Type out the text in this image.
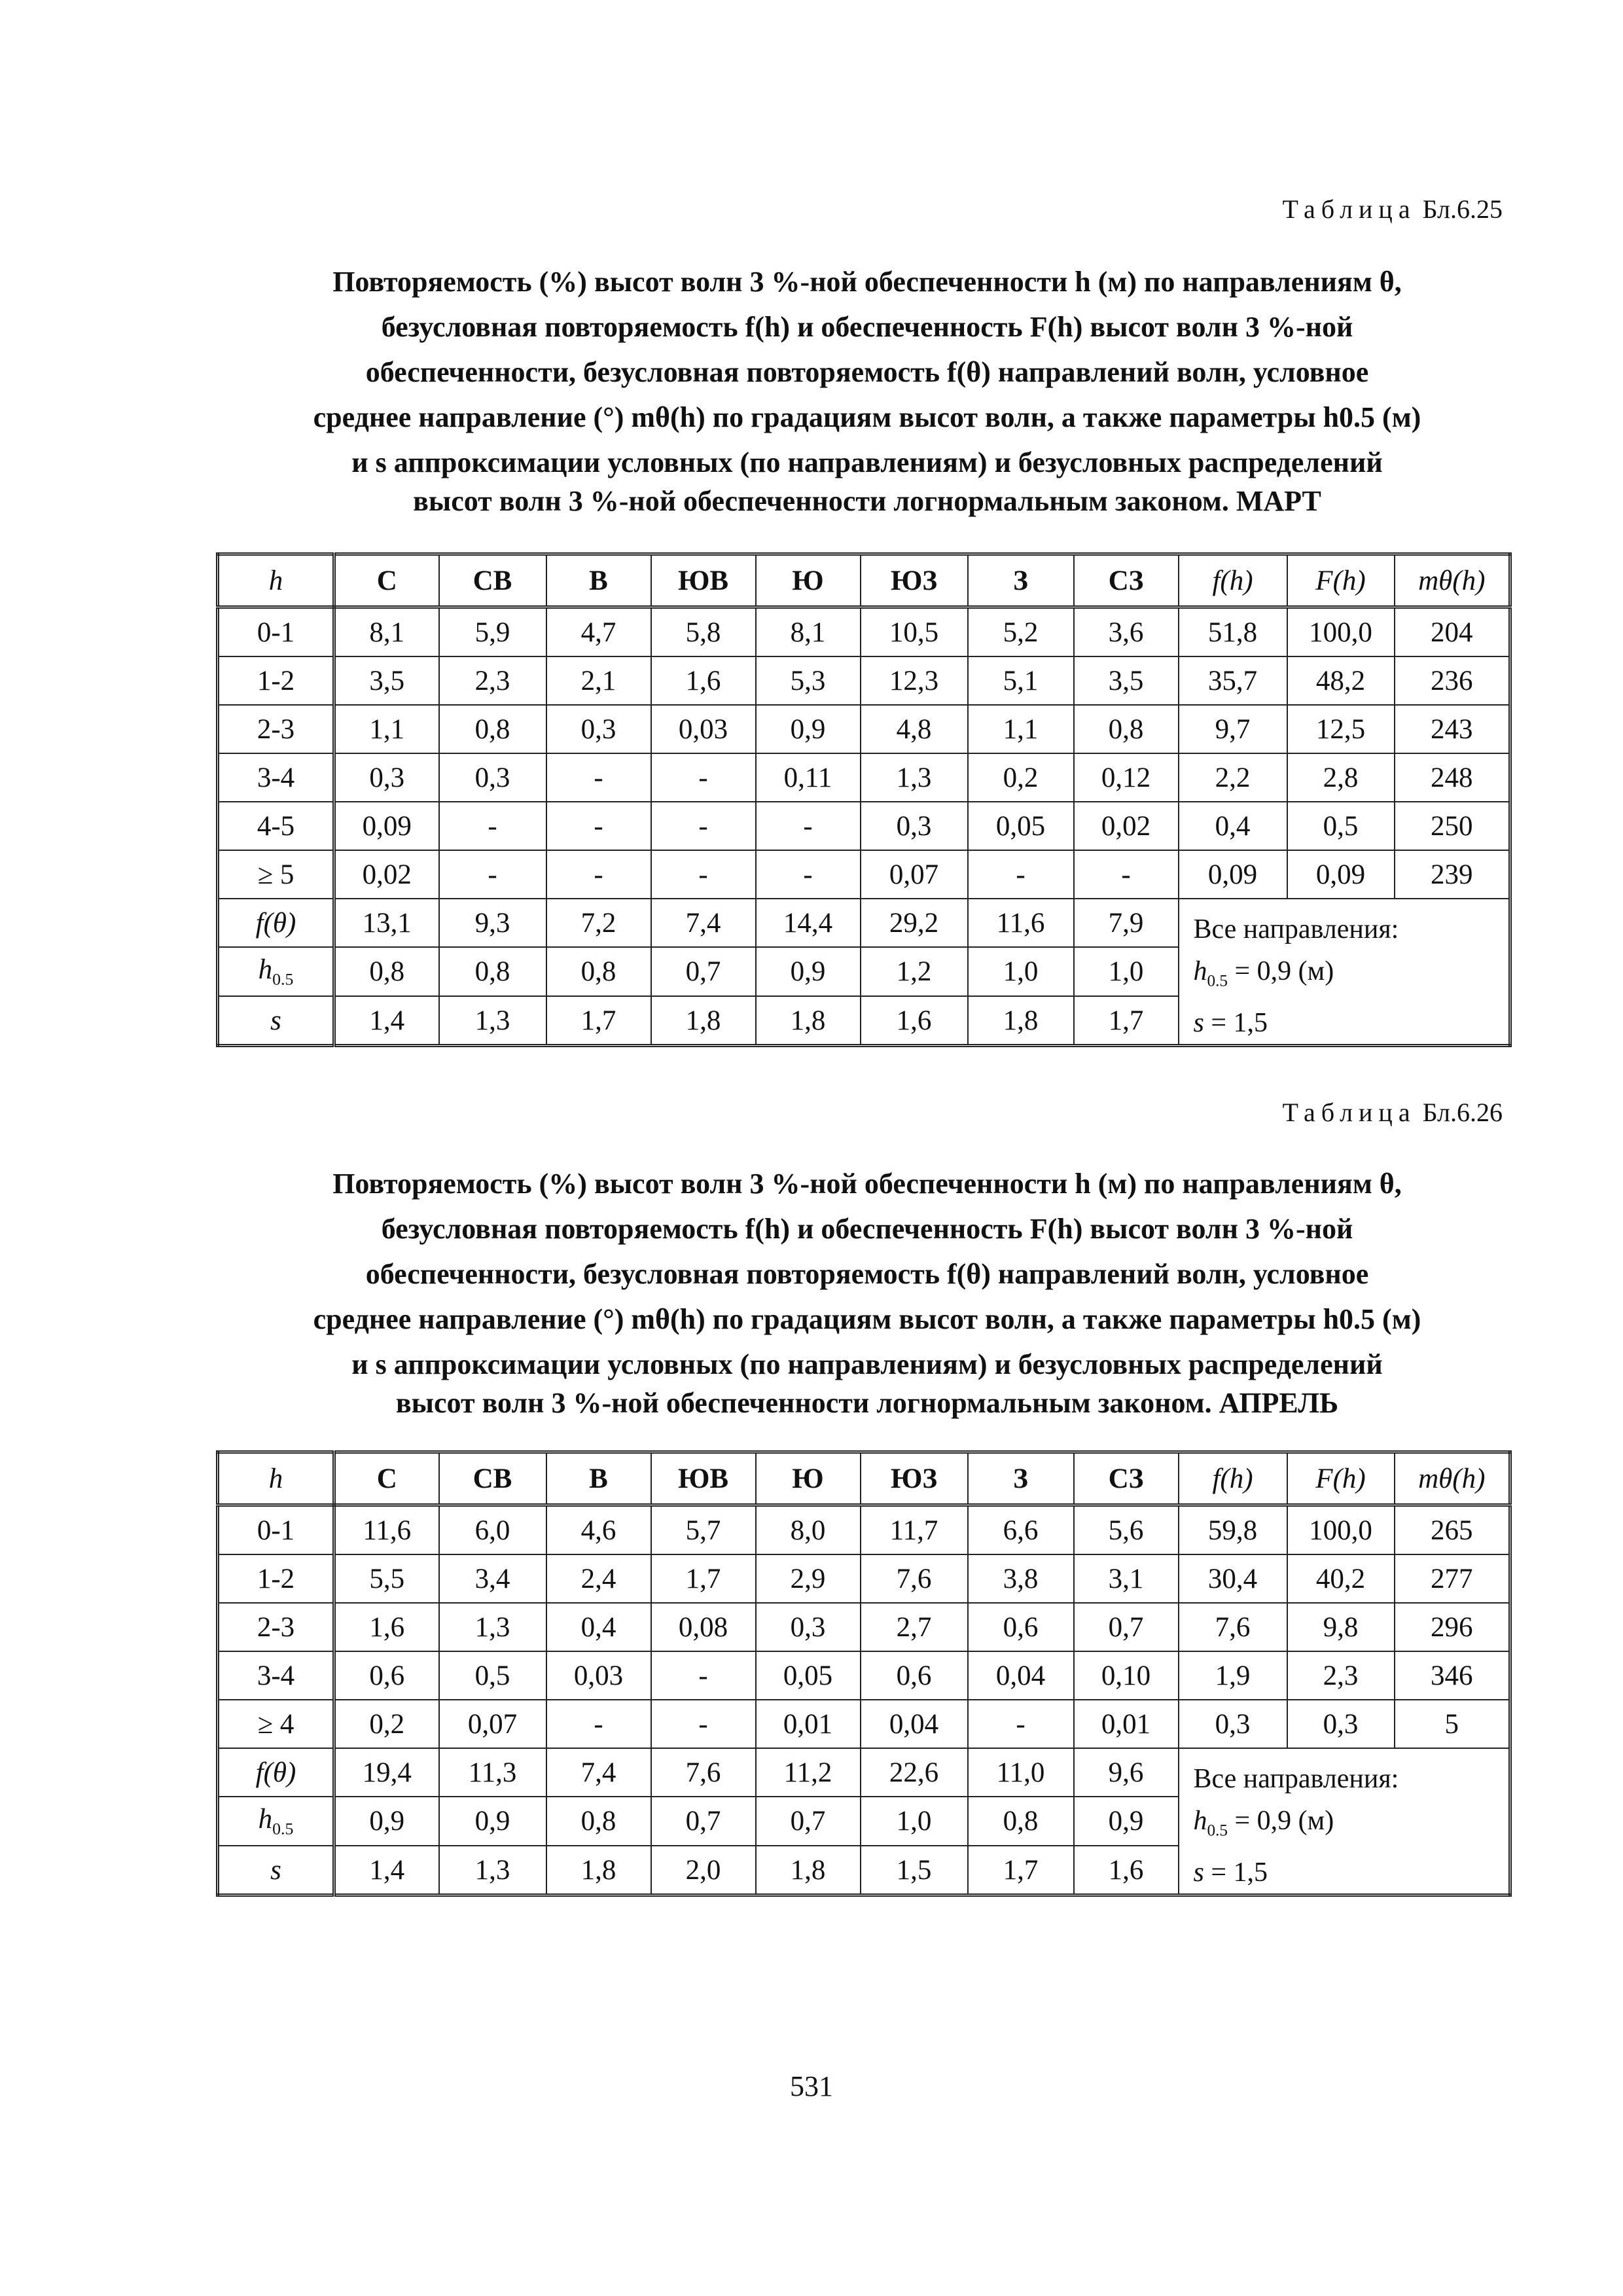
Таблица Бл.6.25
Повторяемость (%) высот волн 3 %-ной обеспеченности h (м) по направлениям θ,
безусловная повторяемость f(h) и обеспеченность F(h) высот волн 3 %-ной
обеспеченности, безусловная повторяемость f(θ) направлений волн, условное
среднее направление (°) mθ(h) по градациям высот волн, а также параметры h0.5 (м)
и s аппроксимации условных (по направлениям) и безусловных распределений
высот волн 3 %-ной обеспеченности логнормальным законом. МАРТ
h	С	СВ	В	ЮВ	Ю	ЮЗ	З	СЗ	f(h)	F(h)	mθ(h)
0-1	8,1	5,9	4,7	5,8	8,1	10,5	5,2	3,6	51,8	100,0	204
1-2	3,5	2,3	2,1	1,6	5,3	12,3	5,1	3,5	35,7	48,2	236
2-3	1,1	0,8	0,3	0,03	0,9	4,8	1,1	0,8	9,7	12,5	243
3-4	0,3	0,3	-	-	0,11	1,3	0,2	0,12	2,2	2,8	248
4-5	0,09	-	-	-	-	0,3	0,05	0,02	0,4	0,5	250
≥ 5	0,02	-	-	-	-	0,07	-	-	0,09	0,09	239
f(θ)	13,1	9,3	7,2	7,4	14,4	29,2	11,6	7,9	Все направления:
$h_{0.5} = 0,9$ (м)
s = 1,5		

$h_{0.5}$	0,8	0,8	0,8	0,7	0,9	1,2	1,0	1,0			
s	1,4	1,3	1,7	1,8	1,8	1,6	1,8	1,7			
Таблица Бл.6.26
Повторяемость (%) высот волн 3 %-ной обеспеченности h (м) по направлениям θ,
безусловная повторяемость f(h) и обеспеченность F(h) высот волн 3 %-ной
обеспеченности, безусловная повторяемость f(θ) направлений волн, условное
среднее направление (°) mθ(h) по градациям высот волн, а также параметры h0.5 (м)
и s аппроксимации условных (по направлениям) и безусловных распределений
высот волн 3 %-ной обеспеченности логнормальным законом. АПРЕЛЬ
h	С	СВ	В	ЮВ	Ю	ЮЗ	З	СЗ	f(h)	F(h)	mθ(h)
0-1	11,6	6,0	4,6	5,7	8,0	11,7	6,6	5,6	59,8	100,0	265
1-2	5,5	3,4	2,4	1,7	2,9	7,6	3,8	3,1	30,4	40,2	277
2-3	1,6	1,3	0,4	0,08	0,3	2,7	0,6	0,7	7,6	9,8	296
3-4	0,6	0,5	0,03	-	0,05	0,6	0,04	0,10	1,9	2,3	346
≥ 4	0,2	0,07	-	-	0,01	0,04	-	0,01	0,3	0,3	5
f(θ)	19,4	11,3	7,4	7,6	11,2	22,6	11,0	9,6	Все направления:
$h_{0.5} = 0,9$ (м)
s = 1,5		

$h_{0.5}$	0,9	0,9	0,8	0,7	0,7	1,0	0,8	0,9			
s	1,4	1,3	1,8	2,0	1,8	1,5	1,7	1,6			
531
